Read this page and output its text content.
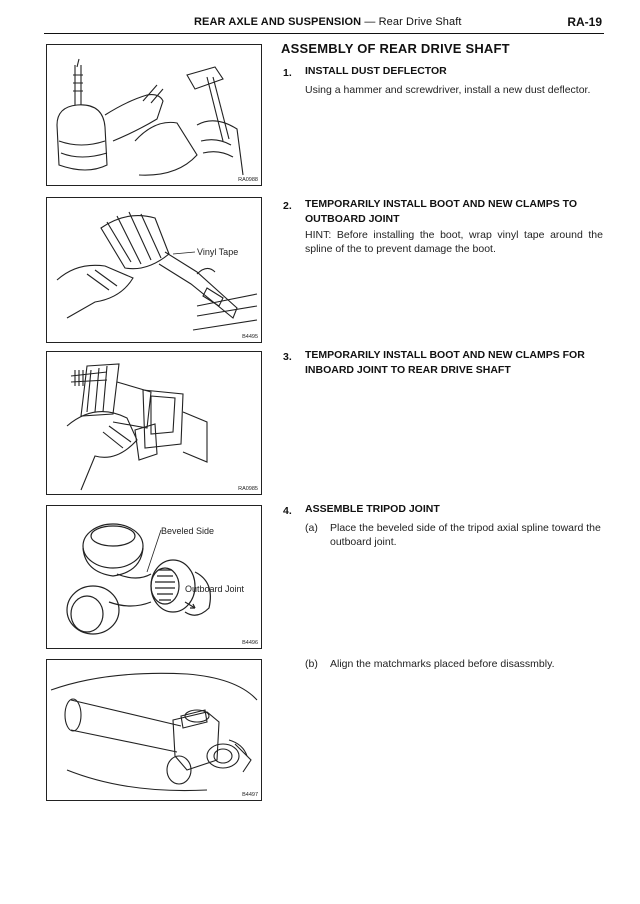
REAR AXLE AND SUSPENSION — Rear Drive Shaft	RA-19
RA0988
Vinyl Tape
B4495
RA0985
Beveled Side
Outboard Joint
B4496
B4497
ASSEMBLY OF REAR DRIVE SHAFT
1. INSTALL DUST DEFLECTOR
Using a hammer and screwdriver, install a new dust deflector.
2. TEMPORARILY INSTALL BOOT AND NEW CLAMPS TO OUTBOARD JOINT
HINT: Before installing the boot, wrap vinyl tape around the spline of the to prevent damage the boot.
3. TEMPORARILY INSTALL BOOT AND NEW CLAMPS FOR INBOARD JOINT TO REAR DRIVE SHAFT
4. ASSEMBLE TRIPOD JOINT
(a) Place the beveled side of the tripod axial spline toward the outboard joint.
(b) Align the matchmarks placed before disassmbly.
